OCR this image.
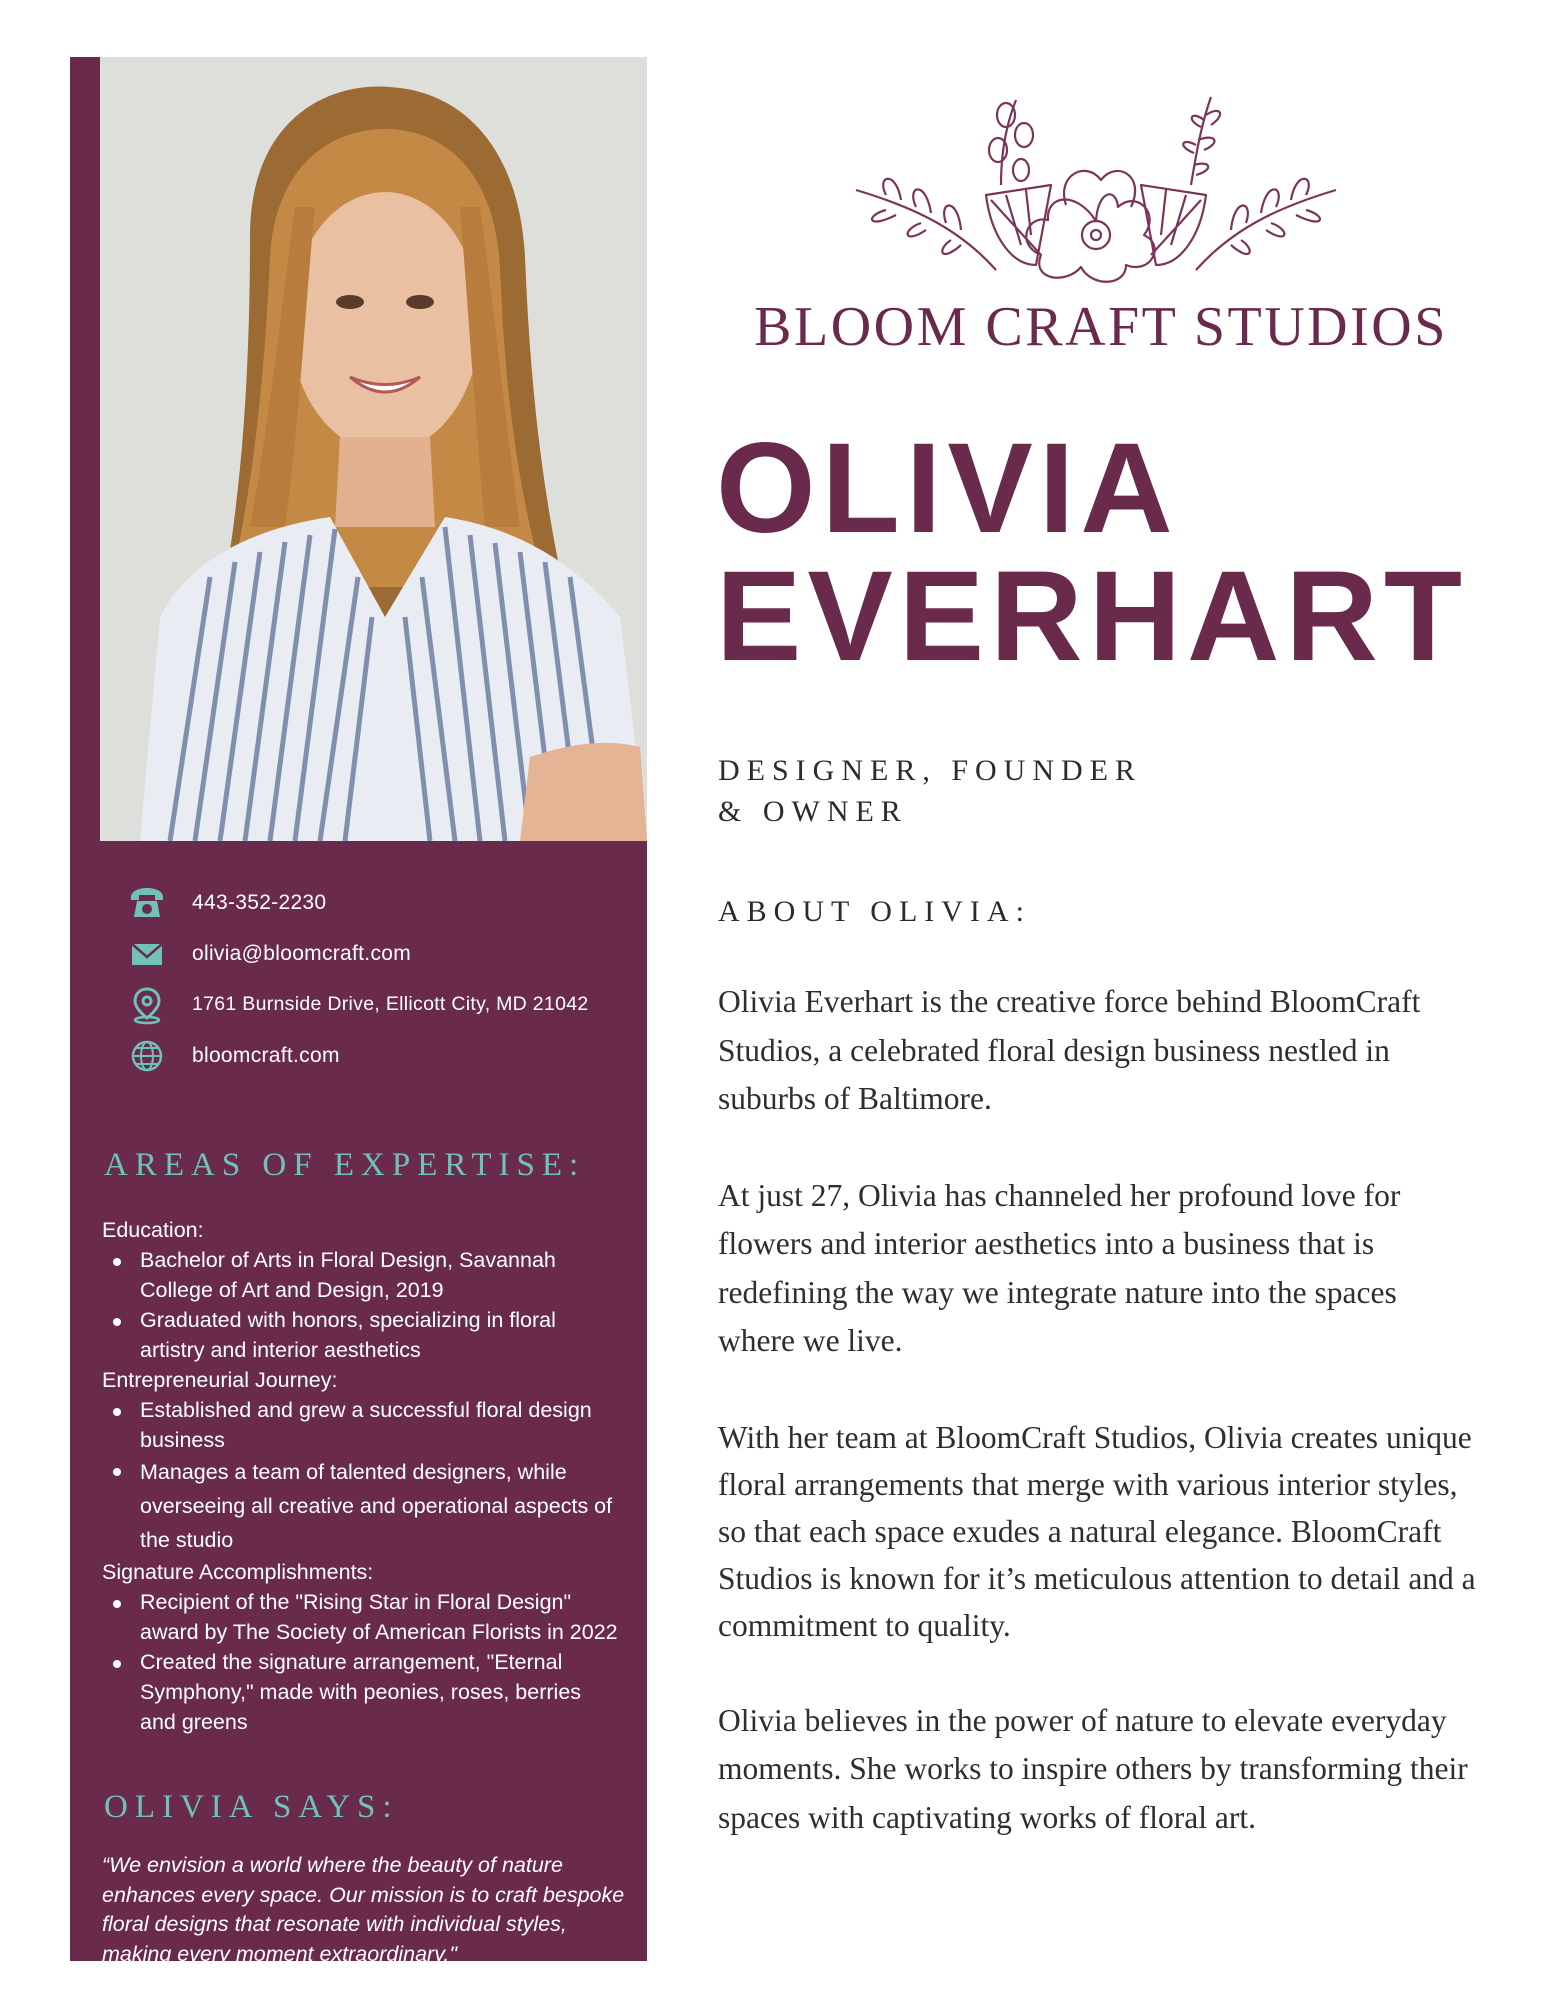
443-352-2230
olivia@bloomcraft.com
1761 Burnside Drive, Ellicott City, MD 21042
bloomcraft.com
AREAS OF EXPERTISE:
Education:
Bachelor of Arts in Floral Design, Savannah College of Art and Design, 2019
Graduated with honors, specializing in floral artistry and interior aesthetics
Entrepreneurial Journey:
Established and grew a successful floral design business
Manages a team of talented designers, while overseeing all creative and operational aspects of the studio
Signature Accomplishments:
Recipient of the "Rising Star in Floral Design" award by The Society of American Florists in 2022
Created the signature arrangement, "Eternal Symphony," made with peonies, roses, berries and greens
OLIVIA SAYS:
“We envision a world where the beauty of nature enhances every space. Our mission is to craft bespoke floral designs that resonate with individual styles, making every moment extraordinary."
BLOOM CRAFT STUDIOS
OLIVIA
EVERHART
DESIGNER, FOUNDER
& OWNER
ABOUT OLIVIA:

Olivia Everhart is the creative force behind BloomCraft Studios, a celebrated floral design business nestled in suburbs of Baltimore.

At just 27, Olivia has channeled her profound love for flowers and interior aesthetics into a business that is redefining the way we integrate nature into the spaces where we live.

With her team at BloomCraft Studios, Olivia creates unique floral arrangements that merge with various interior styles, so that each space exudes a natural elegance. BloomCraft Studios is known for it’s meticulous attention to detail and a commitment to quality.

Olivia believes in the power of nature to elevate everyday moments. She works to inspire others by transforming their spaces with captivating works of floral art.
